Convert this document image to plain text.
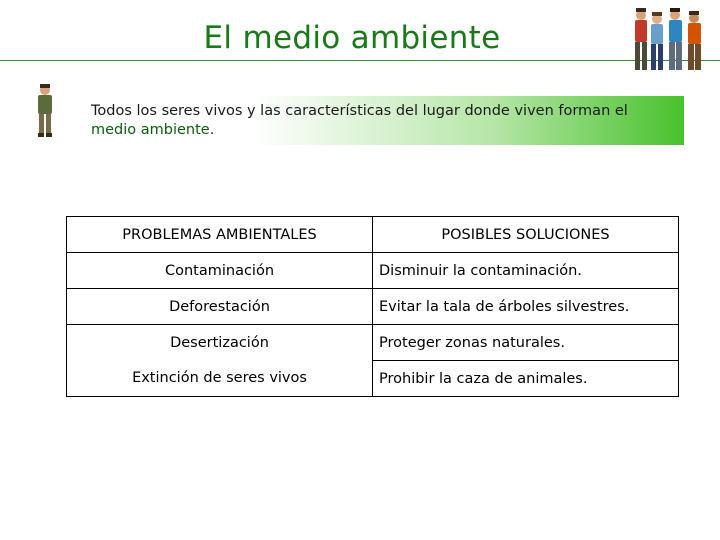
El medio ambiente
Todos los seres vivos y las características del lugar donde viven forman el
medio ambiente.
PROBLEMAS AMBIENTALES	POSIBLES SOLUCIONES
Contaminación	Disminuir la contaminación.
Deforestación	Evitar la tala de árboles silvestres.
Desertización	Proteger zonas naturales.
Extinción de seres vivos	Prohibir la caza de animales.
